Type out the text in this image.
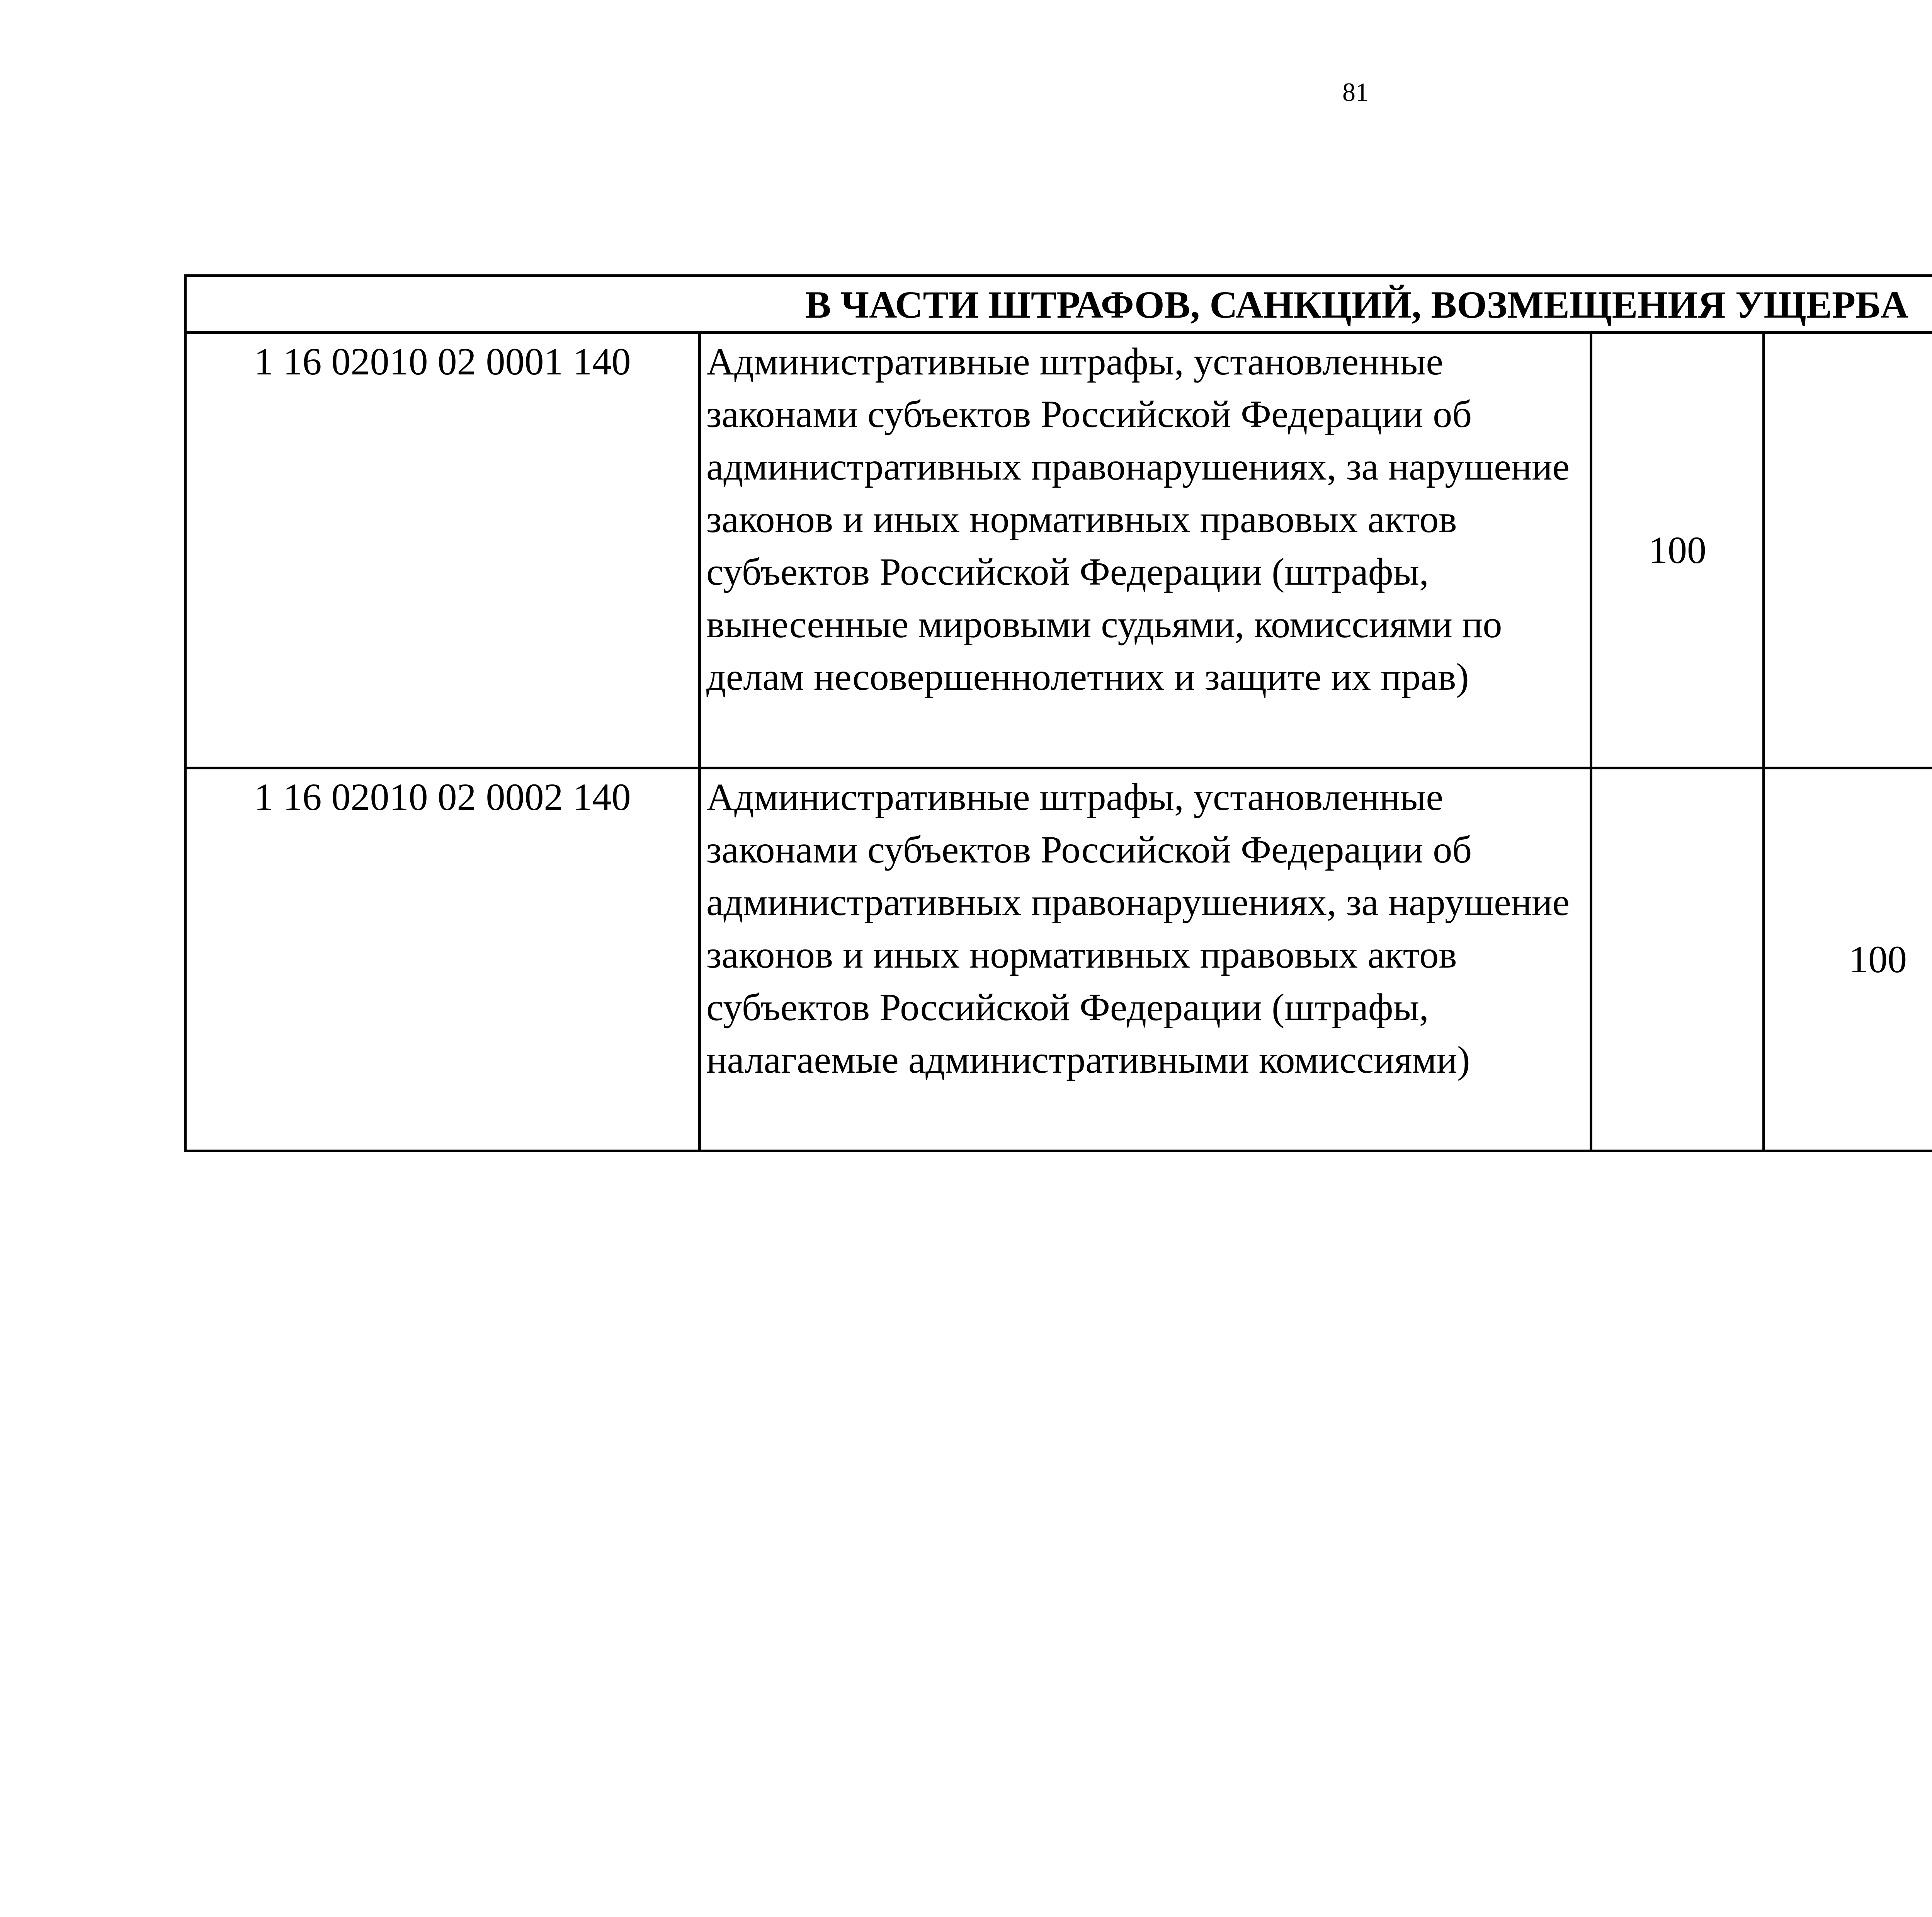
81
В ЧАСТИ ШТРАФОВ, САНКЦИЙ, ВОЗМЕЩЕНИЯ УЩЕРБА						
1 16 02010 02 0001 140	Административные штрафы, установленные законами субъектов Российской Федерации об административных правонарушениях, за нарушение законов и иных нормативных правовых актов субъектов Российской Федерации (штрафы, вынесенные мировыми судьями, комиссиями по делам несовершеннолетних и защите их прав)	100				
1 16 02010 02 0002 140	Административные штрафы, установленные законами субъектов Российской Федерации об административных правонарушениях, за нарушение законов и иных нормативных правовых актов субъектов Российской Федерации (штрафы, налагаемые административными комиссиями)		100			
